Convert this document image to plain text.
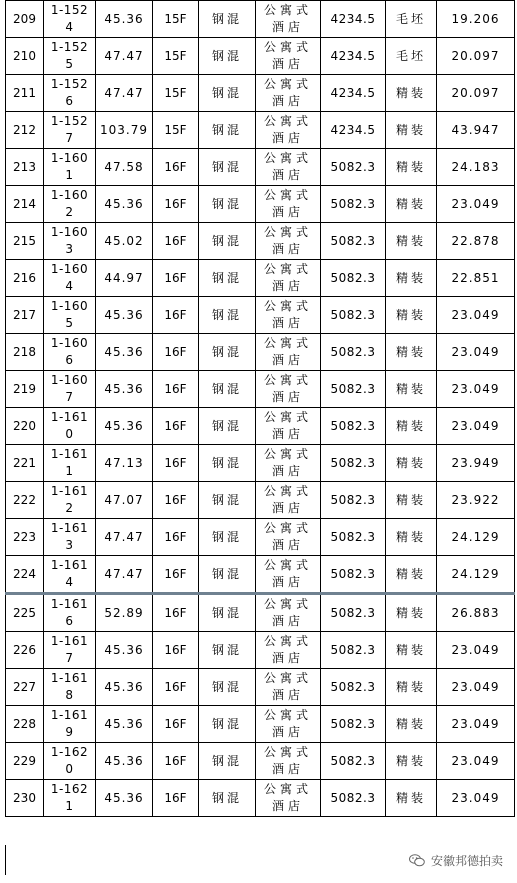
209	1-1524	45.36	15F	钢混	公寓式酒店	4234.5	毛坯	19.206
210	1-1525	47.47	15F	钢混	公寓式酒店	4234.5	毛坯	20.097
211	1-1526	47.47	15F	钢混	公寓式酒店	4234.5	精装	20.097
212	1-1527	103.79	15F	钢混	公寓式酒店	4234.5	精装	43.947
213	1-1601	47.58	16F	钢混	公寓式酒店	5082.3	精装	24.183
214	1-1602	45.36	16F	钢混	公寓式酒店	5082.3	精装	23.049
215	1-1603	45.02	16F	钢混	公寓式酒店	5082.3	精装	22.878
216	1-1604	44.97	16F	钢混	公寓式酒店	5082.3	精装	22.851
217	1-1605	45.36	16F	钢混	公寓式酒店	5082.3	精装	23.049
218	1-1606	45.36	16F	钢混	公寓式酒店	5082.3	精装	23.049
219	1-1607	45.36	16F	钢混	公寓式酒店	5082.3	精装	23.049
220	1-1610	45.36	16F	钢混	公寓式酒店	5082.3	精装	23.049
221	1-1611	47.13	16F	钢混	公寓式酒店	5082.3	精装	23.949
222	1-1612	47.07	16F	钢混	公寓式酒店	5082.3	精装	23.922
223	1-1613	47.47	16F	钢混	公寓式酒店	5082.3	精装	24.129
224	1-1614	47.47	16F	钢混	公寓式酒店	5082.3	精装	24.129
225	1-1616	52.89	16F	钢混	公寓式酒店	5082.3	精装	26.883
226	1-1617	45.36	16F	钢混	公寓式酒店	5082.3	精装	23.049
227	1-1618	45.36	16F	钢混	公寓式酒店	5082.3	精装	23.049
228	1-1619	45.36	16F	钢混	公寓式酒店	5082.3	精装	23.049
229	1-1620	45.36	16F	钢混	公寓式酒店	5082.3	精装	23.049
230	1-1621	45.36	16F	钢混	公寓式酒店	5082.3	精装	23.049
安徽邦德拍卖
